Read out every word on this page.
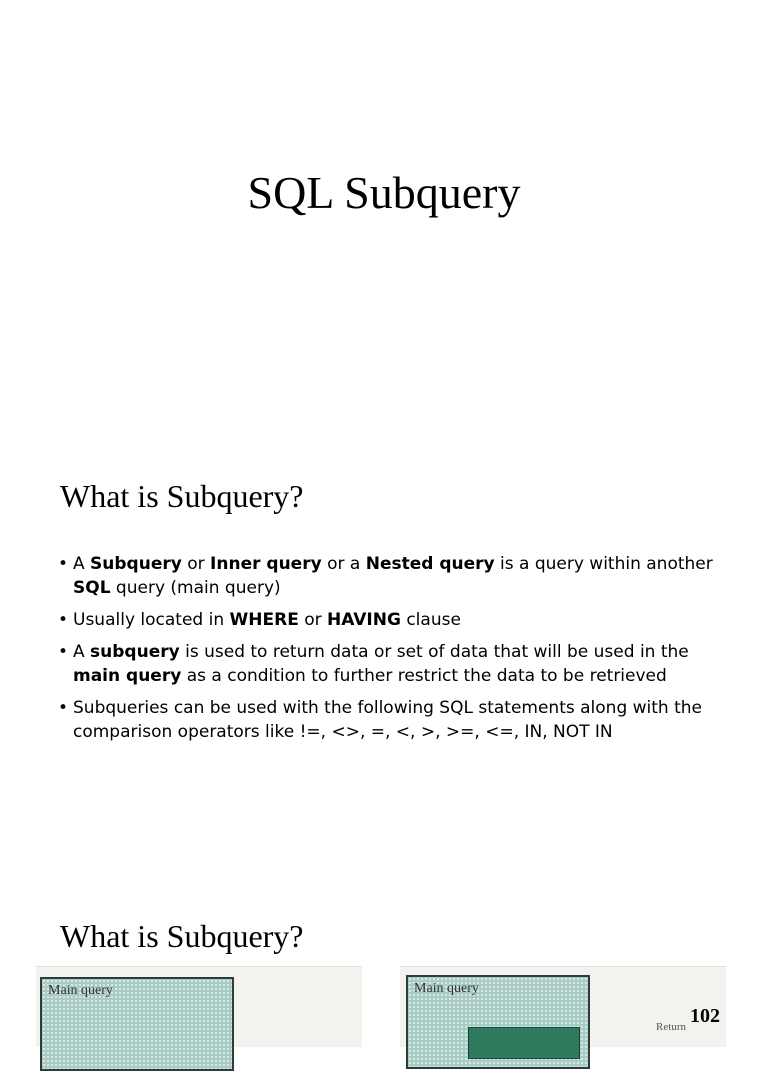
SQL Subquery
What is Subquery?
• A Subquery or Inner query or a Nested query is a query within another SQL query (main query)
• Usually located in WHERE or HAVING clause
• A subquery is used to return data or set of data that will be used in the main query as a condition to further restrict the data to be retrieved
• Subqueries can be used with the following SQL statements along with the comparison operators like !=, <>, =, <, >, >=, <=, IN, NOT IN
What is Subquery?
Main query	Main query
Return 102
